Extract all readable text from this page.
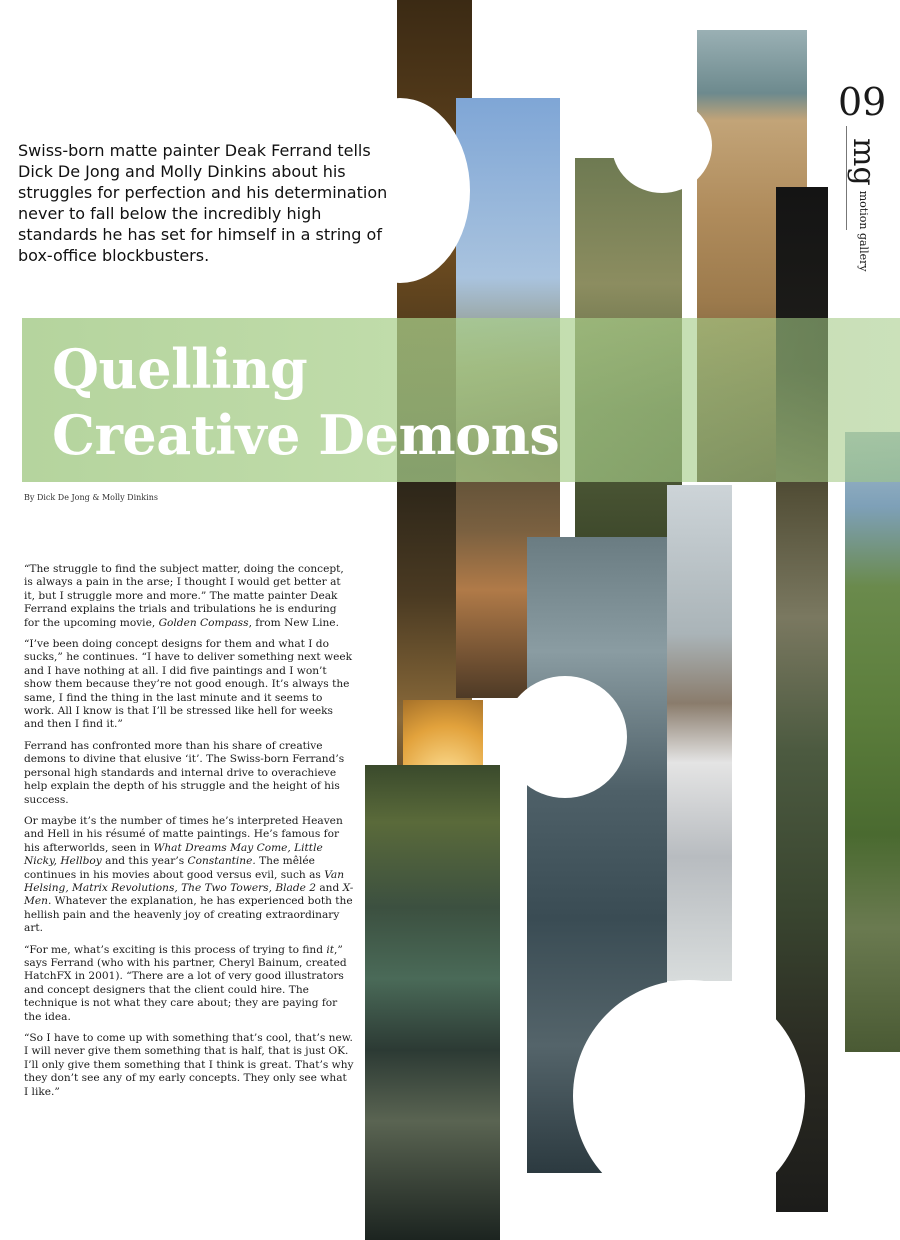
Swiss-born matte painter Deak Ferrand tells Dick De Jong and Molly Dinkins about his struggles for perfection and his determination never to fall below the incredibly high standards he has set for himself in a string of box-office blockbusters.

Quelling
Creative Demons
By Dick De Jong & Molly Dinkins

“The struggle to find the subject matter, doing the concept, is always a pain in the arse; I thought I would get better at it, but I struggle more and more.” The matte painter Deak Ferrand explains the trials and tribulations he is enduring for the upcoming movie, Golden Compass, from New Line.

“I’ve been doing concept designs for them and what I do sucks,” he continues. “I have to deliver something next week and I have nothing at all. I did five paintings and I won’t show them because they’re not good enough. It’s always the same, I find the thing in the last minute and it seems to work. All I know is that I’ll be stressed like hell for weeks and then I find it.”

Ferrand has confronted more than his share of creative demons to divine that elusive ‘it’. The Swiss-born Ferrand’s personal high standards and internal drive to overachieve help explain the depth of his struggle and the height of his success.

Or maybe it’s the number of times he’s interpreted Heaven and Hell in his résumé of matte paintings. He’s famous for his afterworlds, seen in What Dreams May Come, Little Nicky, Hellboy and this year’s Constantine. The mêlée continues in his movies about good versus evil, such as Van Helsing, Matrix Revolutions, The Two Towers, Blade 2 and X-Men. Whatever the explanation, he has experienced both the hellish pain and the heavenly joy of creating extraordinary art.

“For me, what’s exciting is this process of trying to find it,” says Ferrand (who with his partner, Cheryl Bainum, created HatchFX in 2001). “There are a lot of very good illustrators and concept designers that the client could hire. The technique is not what they care about; they are paying for the idea.

“So I have to come up with something that’s cool, that’s new. I will never give them something that is half, that is just OK. I’ll only give them something that I think is great. That’s why they don’t see any of my early concepts. They only see what I like.”

09
mg motion gallery
